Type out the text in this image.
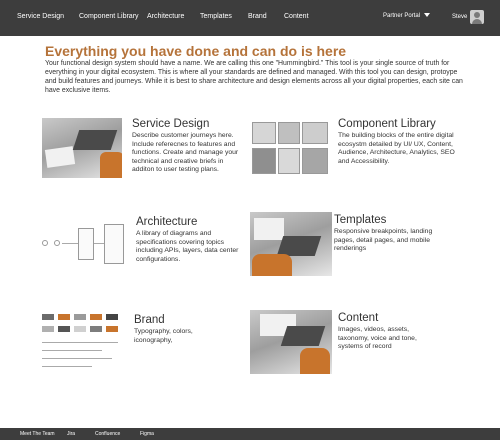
Service Design Component Library Architecture Templates Brand Content	Partner Portal	Steve
Everything you have done and can do is here

Your functional design system should have a name. We are calling this one "Hummingbird." This tool is your single source of truth for everything in your digital ecosystem. This is where all your standards are defined and managed. With this tool you can design, protoype and build features and journeys. While it is best to share architecture and design elements across all your digital properties, each site can have exclusive items.

Service Design

Describe customer journeys here. Include referecnes to features and functions. Create and manage your technical and creative briefs in additon to user testing plans.

Component Library

The building blocks of the entire digital ecosystm detailed by UI/ UX, Content, Audience, Architecture, Analytics, SEO and Accessibility.

Architecture

A library of diagrams and specifications covering topics including APIs, layers, data center configurations.

Templates

Responsive breakpoints, landing pages, detail pages, and mobile renderings

Brand

Typography, colors, iconography,

Content

Images, videos, assets, taxonomy, voice and tone, systems of record

Meet The Team Jira	Confluence	Figma
